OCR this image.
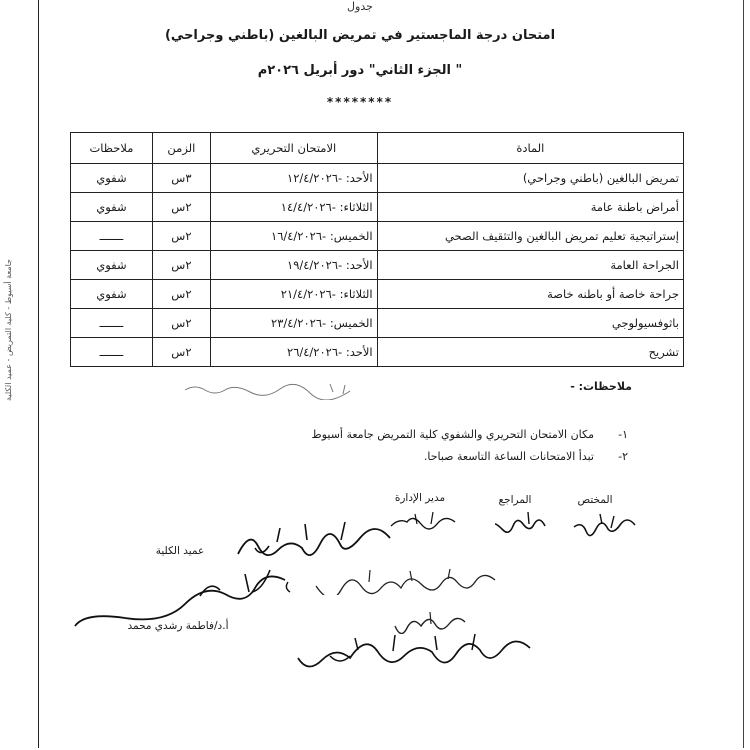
جامعة أسيوط - كلية التمريض - عميد الكلية
جدول
امتحان درجة الماجستير في تمريض البالغين (باطني وجراحي)
" الجزء الثاني" دور أبريل ٢٠٢٦م
********
المادة	الامتحان التحريري	الزمن	ملاحظات
تمريض البالغين (باطني وجراحي)	الأحد: -١٢/٤/٢٠٢٦	٣س	شفوي
أمراض باطنة عامة	الثلاثاء: -١٤/٤/٢٠٢٦	٢س	شفوي
إستراتيجية تعليم تمريض البالغين والتثقيف الصحي	الخميس: -١٦/٤/٢٠٢٦	٢س	ـــــــ
الجراحة العامة	الأحد: -١٩/٤/٢٠٢٦	٢س	شفوي
جراحة خاصة أو باطنه خاصة	الثلاثاء: -٢١/٤/٢٠٢٦	٢س	شفوي
باثوفسيولوجي	الخميس: -٢٣/٤/٢٠٢٦	٢س	ـــــــ
تشريح	الأحد: -٢٦/٤/٢٠٢٦	٢س	ـــــــ
ملاحظات: -
١-مكان الامتحان التحريري والشفوي كلية التمريض جامعة أسيوط
٢-تبدأ الامتحانات الساعة التاسعة صباحا.
المختص
المراجع
مدير الإدارة
عميد الكلية
أ.د/فاطمة رشدي محمد
